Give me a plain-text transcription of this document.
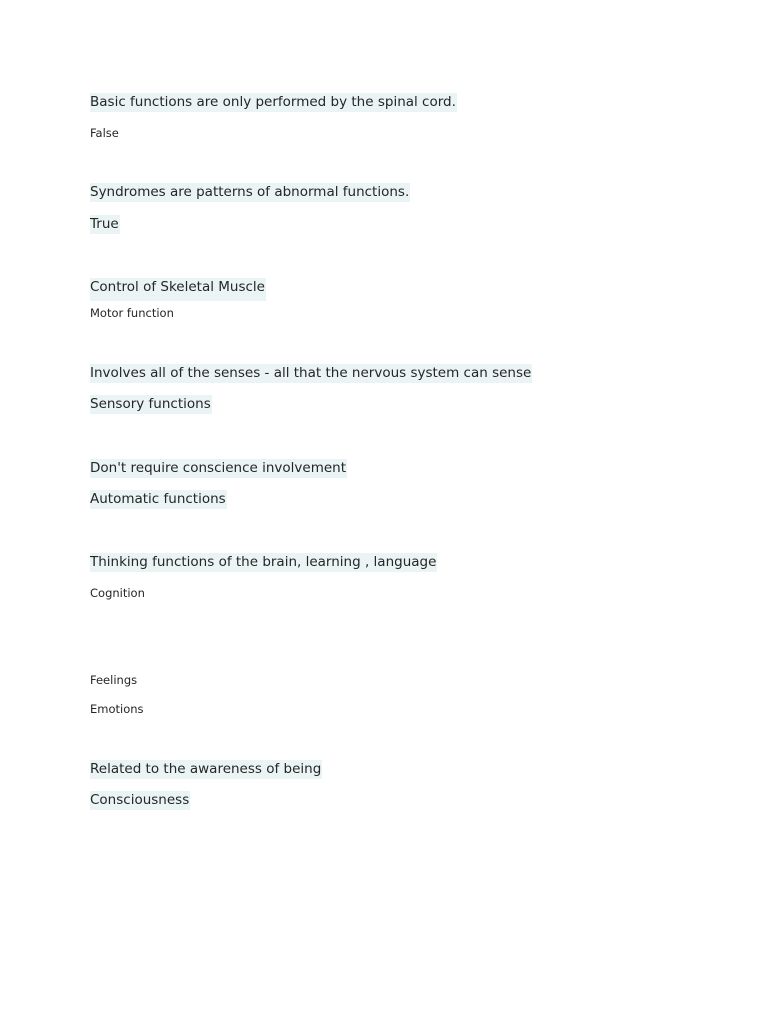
Basic functions are only performed by the spinal cord.
False
Syndromes are patterns of abnormal functions.
True
Control of Skeletal Muscle
Motor function
Involves all of the senses - all that the nervous system can sense
Sensory functions
Don't require conscience involvement
Automatic functions
Thinking functions of the brain, learning , language
Cognition
Feelings
Emotions
Related to the awareness of being
Consciousness
